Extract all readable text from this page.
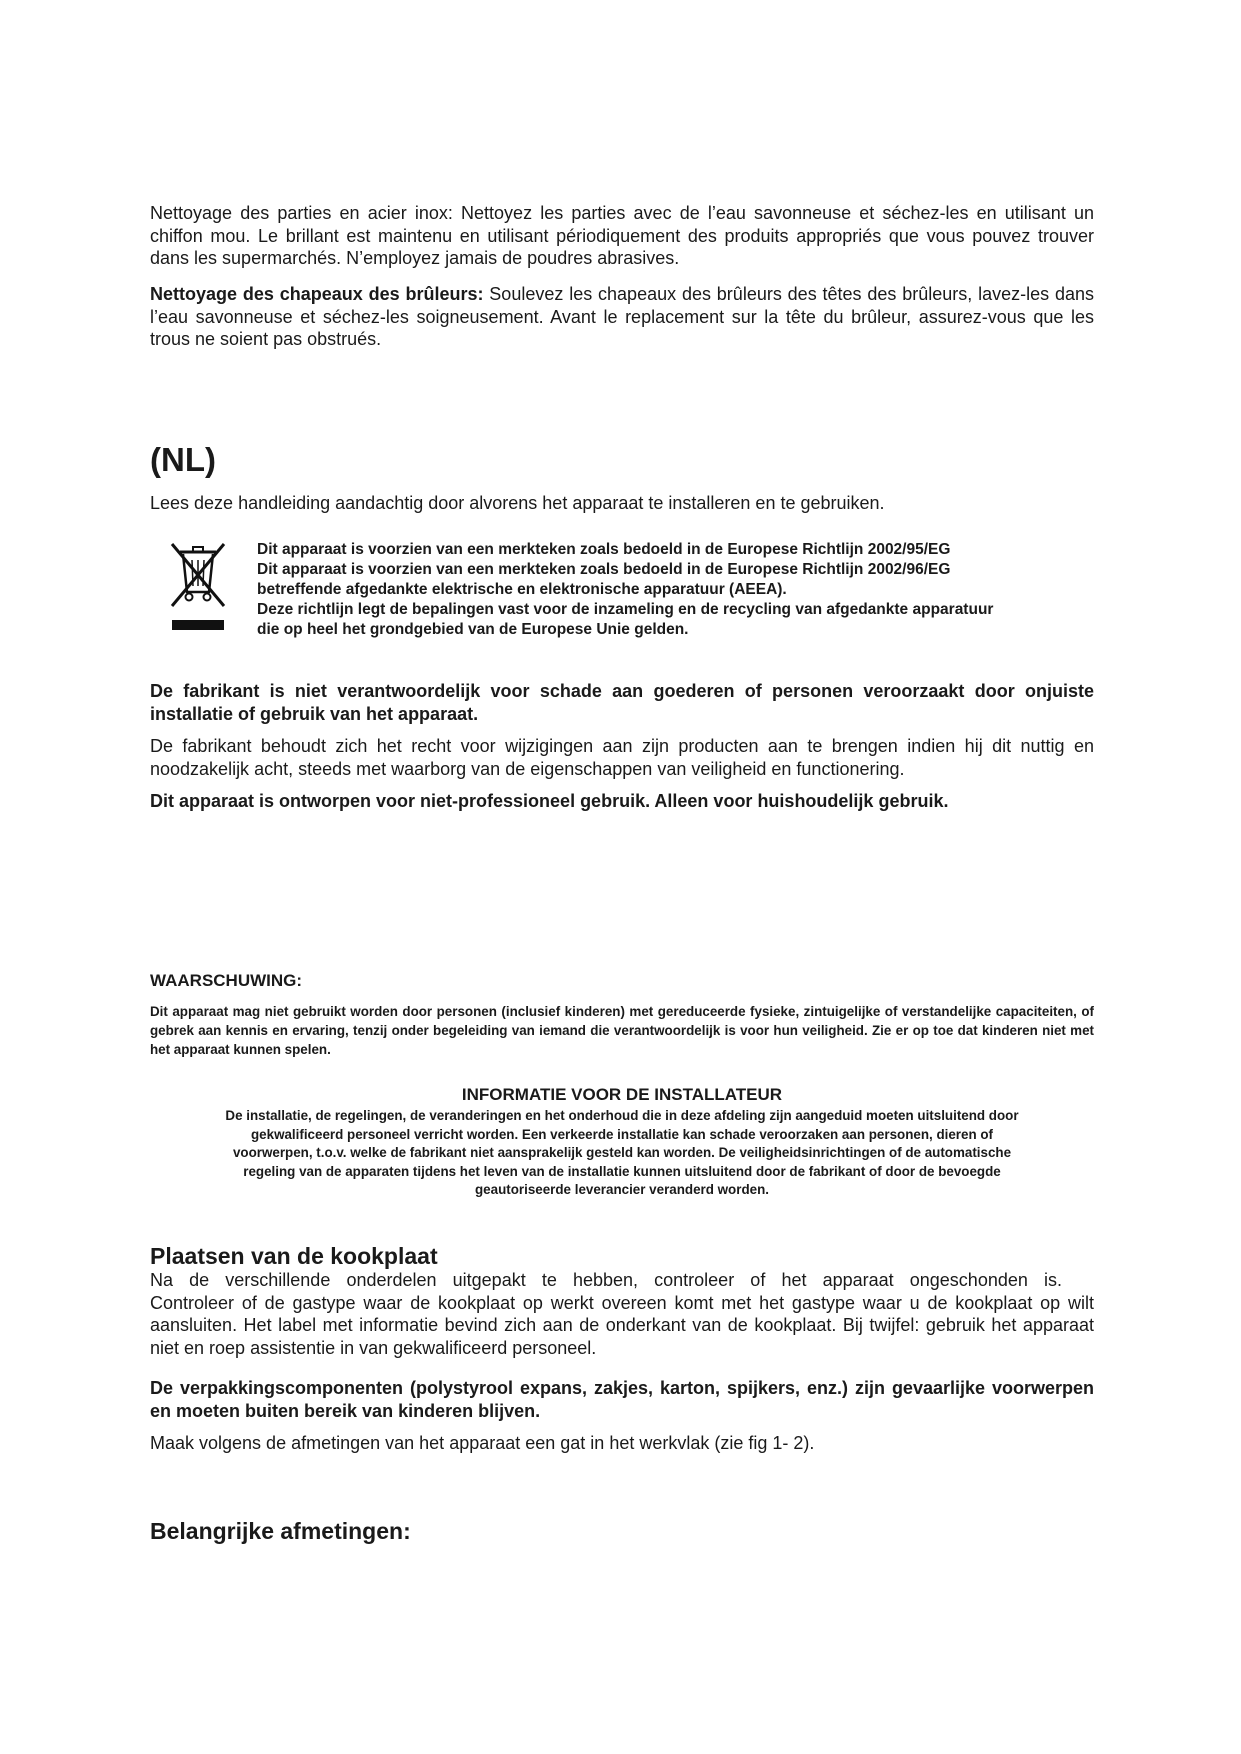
Nettoyage des parties en acier inox: Nettoyez les parties avec de l’eau savonneuse et séchez-les en utilisant un chiffon mou. Le brillant est maintenu en utilisant périodiquement des produits appropriés que vous pouvez trouver dans les supermarchés. N’employez jamais de poudres abrasives.

Nettoyage des chapeaux des brûleurs: Soulevez les chapeaux des brûleurs des têtes des brûleurs, lavez-les dans l’eau savonneuse et séchez-les soigneusement. Avant le replacement sur la tête du brûleur, assurez-vous que les trous ne soient pas obstrués.

(NL)

Lees deze handleiding aandachtig door alvorens het apparaat te installeren en te gebruiken.

Dit apparaat is voorzien van een merkteken zoals bedoeld in de Europese Richtlijn 2002/95/EG
Dit apparaat is voorzien van een merkteken zoals bedoeld in de Europese Richtlijn 2002/96/EG
betreffende afgedankte elektrische en elektronische apparatuur (AEEA).
Deze richtlijn legt de bepalingen vast voor de inzameling en de recycling van afgedankte apparatuur
die op heel het grondgebied van de Europese Unie gelden.

De fabrikant is niet verantwoordelijk voor schade aan goederen of personen veroorzaakt door onjuiste installatie of gebruik van het apparaat.

De fabrikant behoudt zich het recht voor wijzigingen aan zijn producten aan te brengen indien hij dit nuttig en noodzakelijk acht, steeds met waarborg van de eigenschappen van veiligheid en functionering.

Dit apparaat is ontworpen voor niet-professioneel gebruik. Alleen voor huishoudelijk gebruik.

WAARSCHUWING:

Dit apparaat mag niet gebruikt worden door personen (inclusief kinderen) met gereduceerde fysieke, zintuigelijke of verstandelijke capaciteiten, of gebrek aan kennis en ervaring, tenzij onder begeleiding van iemand die verantwoordelijk is voor hun veiligheid. Zie er op toe dat kinderen niet met het apparaat kunnen spelen.

INFORMATIE VOOR DE INSTALLATEUR

De installatie, de regelingen, de veranderingen en het onderhoud die in deze afdeling zijn aangeduid moeten uitsluitend door
gekwalificeerd personeel verricht worden. Een verkeerde installatie kan schade veroorzaken aan personen, dieren of
voorwerpen, t.o.v. welke de fabrikant niet aansprakelijk gesteld kan worden. De veiligheidsinrichtingen of de automatische
regeling van de apparaten tijdens het leven van de installatie kunnen uitsluitend door de fabrikant of door de bevoegde
geautoriseerde leverancier veranderd worden.
Plaatsen van de kookplaat

Na de verschillende onderdelen uitgepakt te hebben, controleer of het apparaat ongeschonden is.

Controleer of de gastype waar de kookplaat op werkt overeen komt met het gastype waar u de kookplaat op wilt aansluiten. Het label met informatie bevind zich aan de onderkant van de kookplaat. Bij twijfel: gebruik het apparaat niet en roep assistentie in van gekwalificeerd personeel.

De verpakkingscomponenten (polystyrool expans, zakjes, karton, spijkers, enz.) zijn gevaarlijke voorwerpen en moeten buiten bereik van kinderen blijven.

Maak volgens de afmetingen van het apparaat een gat in het werkvlak (zie fig 1- 2).

Belangrijke afmetingen:
